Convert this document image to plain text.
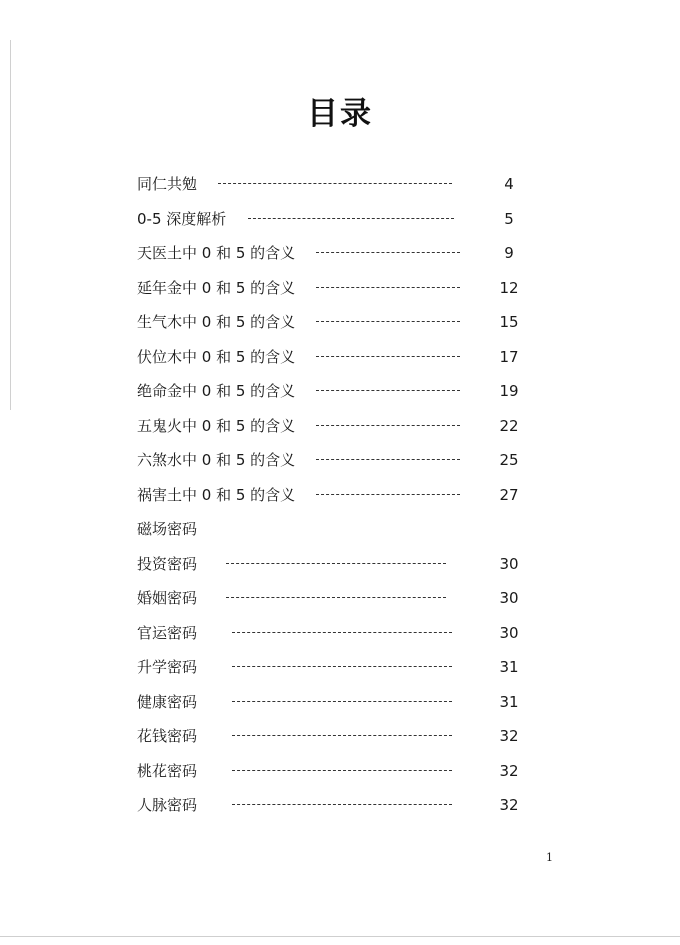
目录
同仁共勉	4
0-5 深度解析	5
天医土中 0 和 5 的含义	9
延年金中 0 和 5 的含义	12
生气木中 0 和 5 的含义	15
伏位木中 0 和 5 的含义	17
绝命金中 0 和 5 的含义	19
五鬼火中 0 和 5 的含义	22
六煞水中 0 和 5 的含义	25
祸害土中 0 和 5 的含义	27
磁场密码
投资密码	30
婚姻密码	30
官运密码	30
升学密码	31
健康密码	31
花钱密码	32
桃花密码	32
人脉密码	32
1
